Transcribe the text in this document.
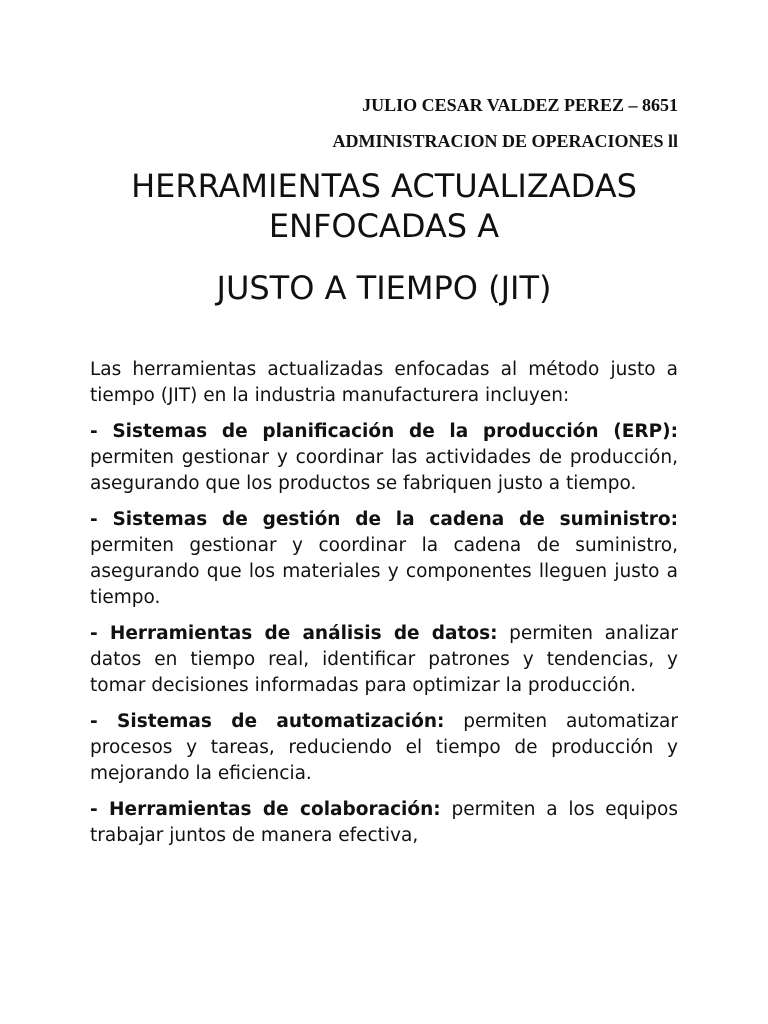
JULIO CESAR VALDEZ PEREZ – 8651
ADMINISTRACION DE OPERACIONES ll
HERRAMIENTAS ACTUALIZADAS ENFOCADAS A
JUSTO A TIEMPO (JIT)

Las herramientas actualizadas enfocadas al método justo a tiempo (JIT) en la industria manufacturera incluyen:

- Sistemas de planificación de la producción (ERP): permiten gestionar y coordinar las actividades de producción, asegurando que los productos se fabriquen justo a tiempo.

- Sistemas de gestión de la cadena de suministro: permiten gestionar y coordinar la cadena de suministro, asegurando que los materiales y componentes lleguen justo a tiempo.

- Herramientas de análisis de datos: permiten analizar datos en tiempo real, identificar patrones y tendencias, y tomar decisiones informadas para optimizar la producción.

- Sistemas de automatización: permiten automatizar procesos y tareas, reduciendo el tiempo de producción y mejorando la eficiencia.

- Herramientas de colaboración: permiten a los equipos trabajar juntos de manera efectiva,
